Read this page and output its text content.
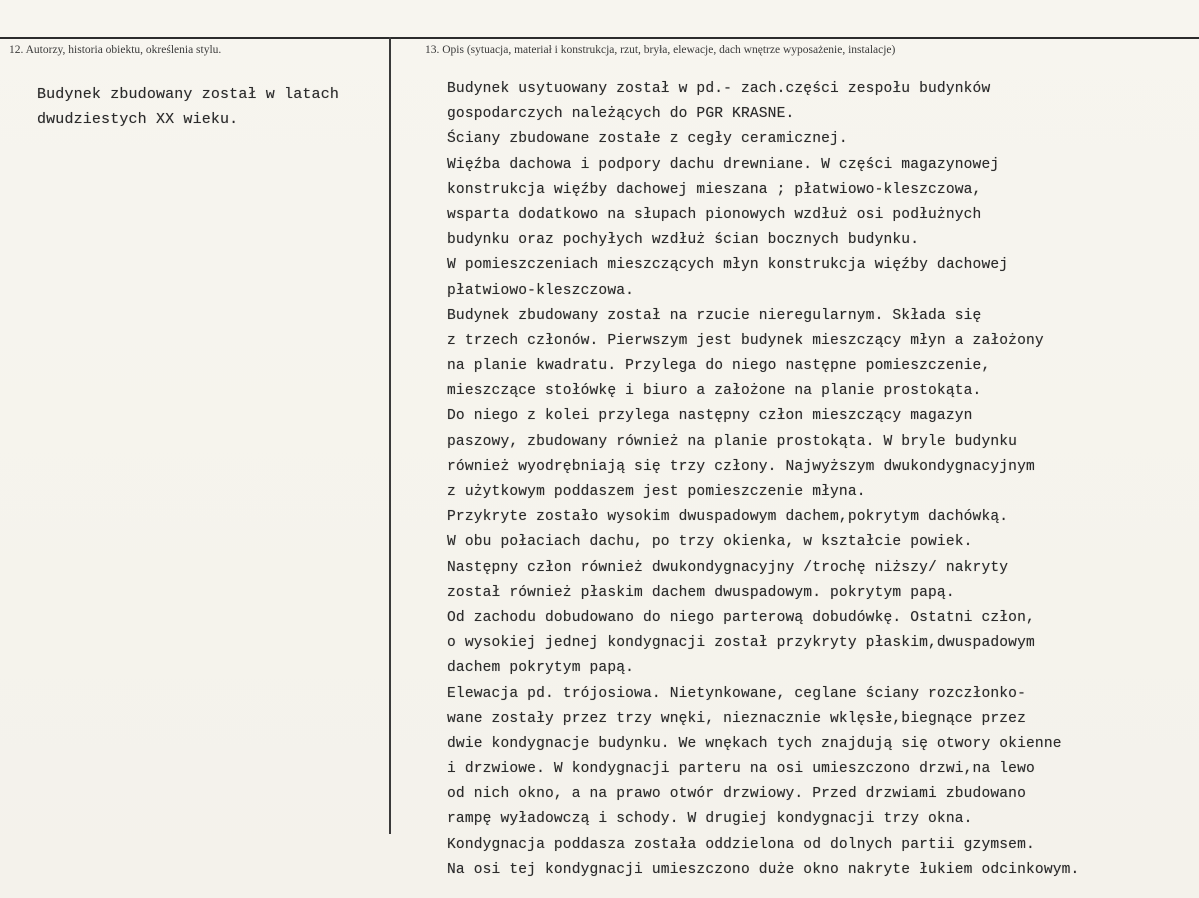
12. Autorzy, historia obiektu, określenia stylu.	13. Opis (sytuacja, materiał i konstrukcja, rzut, bryła, elewacje, dach wnętrze wyposażenie, instalacje)
Budynek zbudowany został w latach
dwudziestych XX wieku.
Budynek usytuowany został w pd.- zach.części zespołu budynków
gospodarczych należących do PGR KRASNE.
Ściany zbudowane zostałe z cegły ceramicznej.
Więźba dachowa i podpory dachu drewniane. W części magazynowej
konstrukcja więźby dachowej mieszana ; płatwiowo-kleszczowa,
wsparta dodatkowo na słupach pionowych wzdłuż osi podłużnych
budynku oraz pochyłych wzdłuż ścian bocznych budynku.
W pomieszczeniach mieszczących młyn konstrukcja więźby dachowej
płatwiowo-kleszczowa.
Budynek zbudowany został na rzucie nieregularnym. Składa się
z trzech członów. Pierwszym jest budynek mieszczący młyn a założony
na planie kwadratu. Przylega do niego następne pomieszczenie,
mieszczące stołówkę i biuro a założone na planie prostokąta.
Do niego z kolei przylega następny człon mieszczący magazyn
paszowy, zbudowany również na planie prostokąta. W bryle budynku
również wyodrębniają się trzy człony. Najwyższym dwukondygnacyjnym
z użytkowym poddaszem jest pomieszczenie młyna.
Przykryte zostało wysokim dwuspadowym dachem,pokrytym dachówką.
W obu połaciach dachu, po trzy okienka, w kształcie powiek.
Następny człon również dwukondygnacyjny /trochę niższy/ nakryty
został również płaskim dachem dwuspadowym. pokrytym papą.
Od zachodu dobudowano do niego parterową dobudówkę. Ostatni człon,
o wysokiej jednej kondygnacji został przykryty płaskim,dwuspadowym
dachem pokrytym papą.
Elewacja pd. trójosiowa. Nietynkowane, ceglane ściany rozczłonko-
wane zostały przez trzy wnęki, nieznacznie wklęsłe,biegnące przez
dwie kondygnacje budynku. We wnękach tych znajdują się otwory okienne
i drzwiowe. W kondygnacji parteru na osi umieszczono drzwi,na lewo
od nich okno, a na prawo otwór drzwiowy. Przed drzwiami zbudowano
rampę wyładowczą i schody. W drugiej kondygnacji trzy okna.
Kondygnacja poddasza została oddzielona od dolnych partii gzymsem.
Na osi tej kondygnacji umieszczono duże okno nakryte łukiem odcinkowym.
